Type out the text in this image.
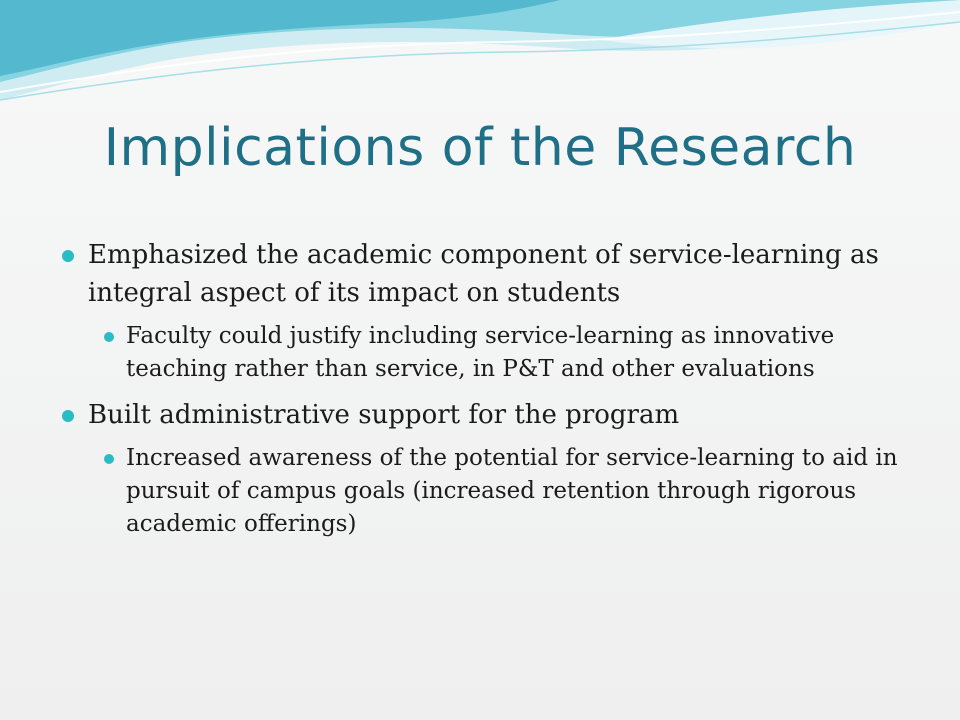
Implications of the Research
Emphasized the academic component of service-learning as integral aspect of its impact on students
Faculty could justify including service-learning as innovative teaching rather than service, in P&T and other evaluations
Built administrative support for the program
Increased awareness of the potential for service-learning to aid in pursuit of campus goals (increased retention through rigorous academic offerings)
